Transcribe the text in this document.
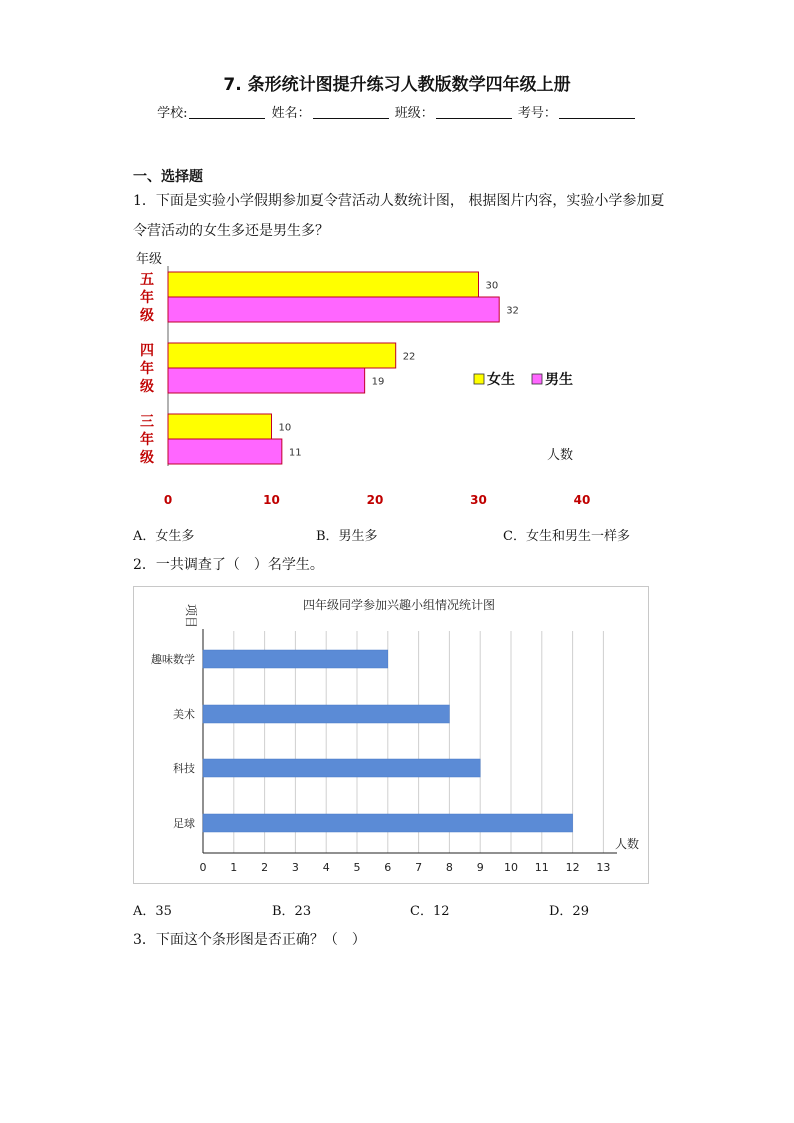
7. 条形统计图提升练习人教版数学四年级上册
学校:	姓名：	班级：	考号：
一、选择题
1．下面是实验小学假期参加夏令营活动人数统计图， 根据图片内容，实验小学参加夏
令营活动的女生多还是男生多？
年级
人数
30
32
五
年
级
22
19
四
年
级
10
11
三
年
级
0	10	20	30	40
女生 男生
A．女生多	B．男生多	C．女生和男生一样多
2．一共调查了（　）名学生。
四年级同学参加兴趣小组情况统计图
项目
人数
趣味数学
美术
科技
足球
0 1 2 3 4 5 6 7 8 9 10 11 12 13
A．35	B．23	C．12	D．29
3．下面这个条形图是否正确？（　）
